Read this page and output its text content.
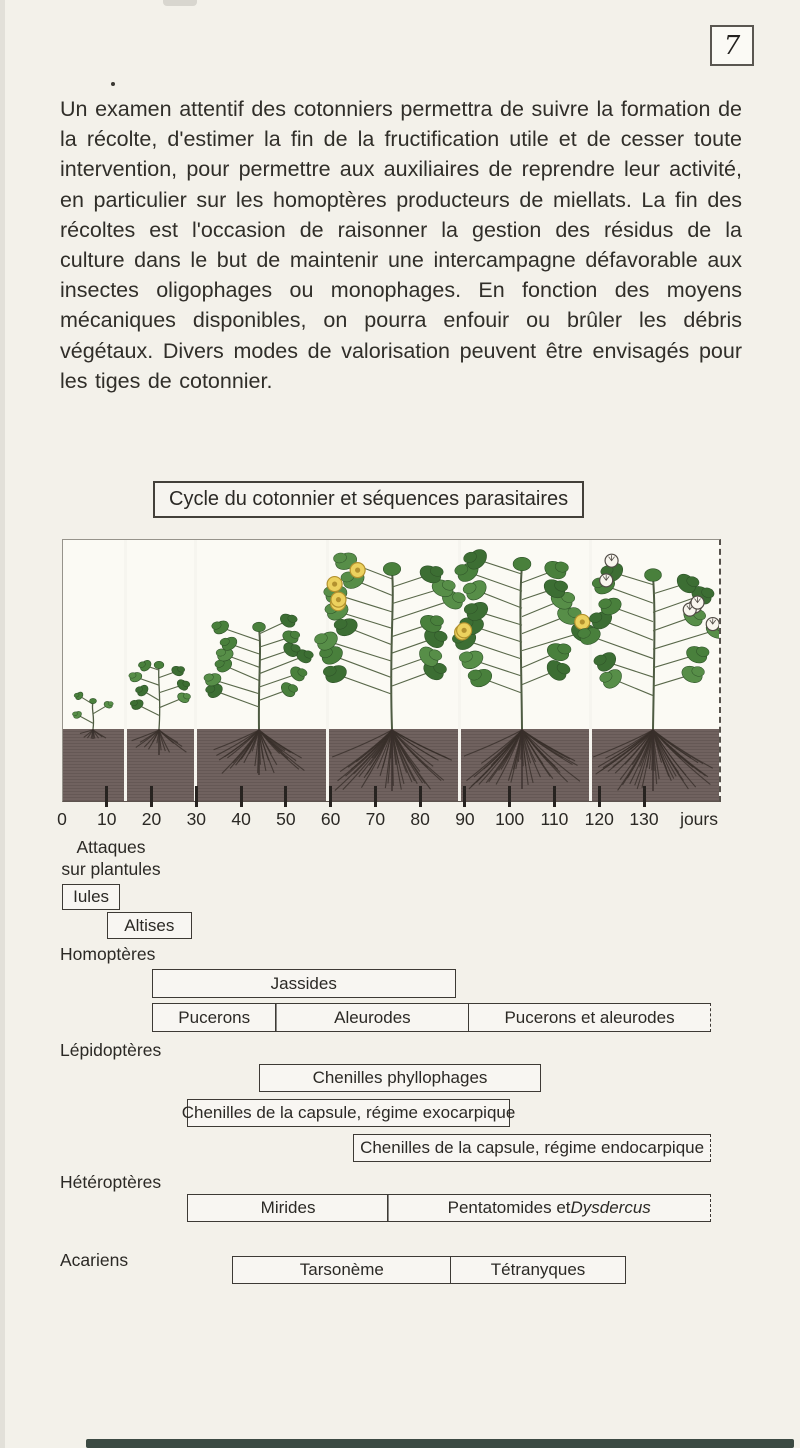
7
Un examen attentif des cotonniers permettra de suivre la formation de la récolte, d'estimer la fin de la fructification utile et de cesser toute intervention, pour permettre aux auxiliaires de reprendre leur activité, en particulier sur les homoptères producteurs de miellats. La fin des récoltes est l'occasion de raisonner la gestion des résidus de la culture dans le but de maintenir une intercampagne défavorable aux insectes oligophages ou monophages. En fonction des moyens mécaniques disponibles, on pourra enfouir ou brûler les débris végétaux. Divers modes de valorisation peuvent être envisagés pour les tiges de cotonnier.
Cycle du cotonnier et séquences parasitaires
jours
Attaques
sur plantules
0	10	20	30	40	50	60	70	80	90	100 110 120 130
Homoptères
Lépidoptères
Hétéroptères
Acariens
Iules
Altises
Jassides
Pucerons	Aleurodes	Pucerons et aleurodes
Chenilles phyllophages
Chenilles de la capsule, régime exocarpique
Chenilles de la capsule, régime endocarpique
Mirides	Pentatomides et Dysdercus
Tarsonème	Tétranyques
